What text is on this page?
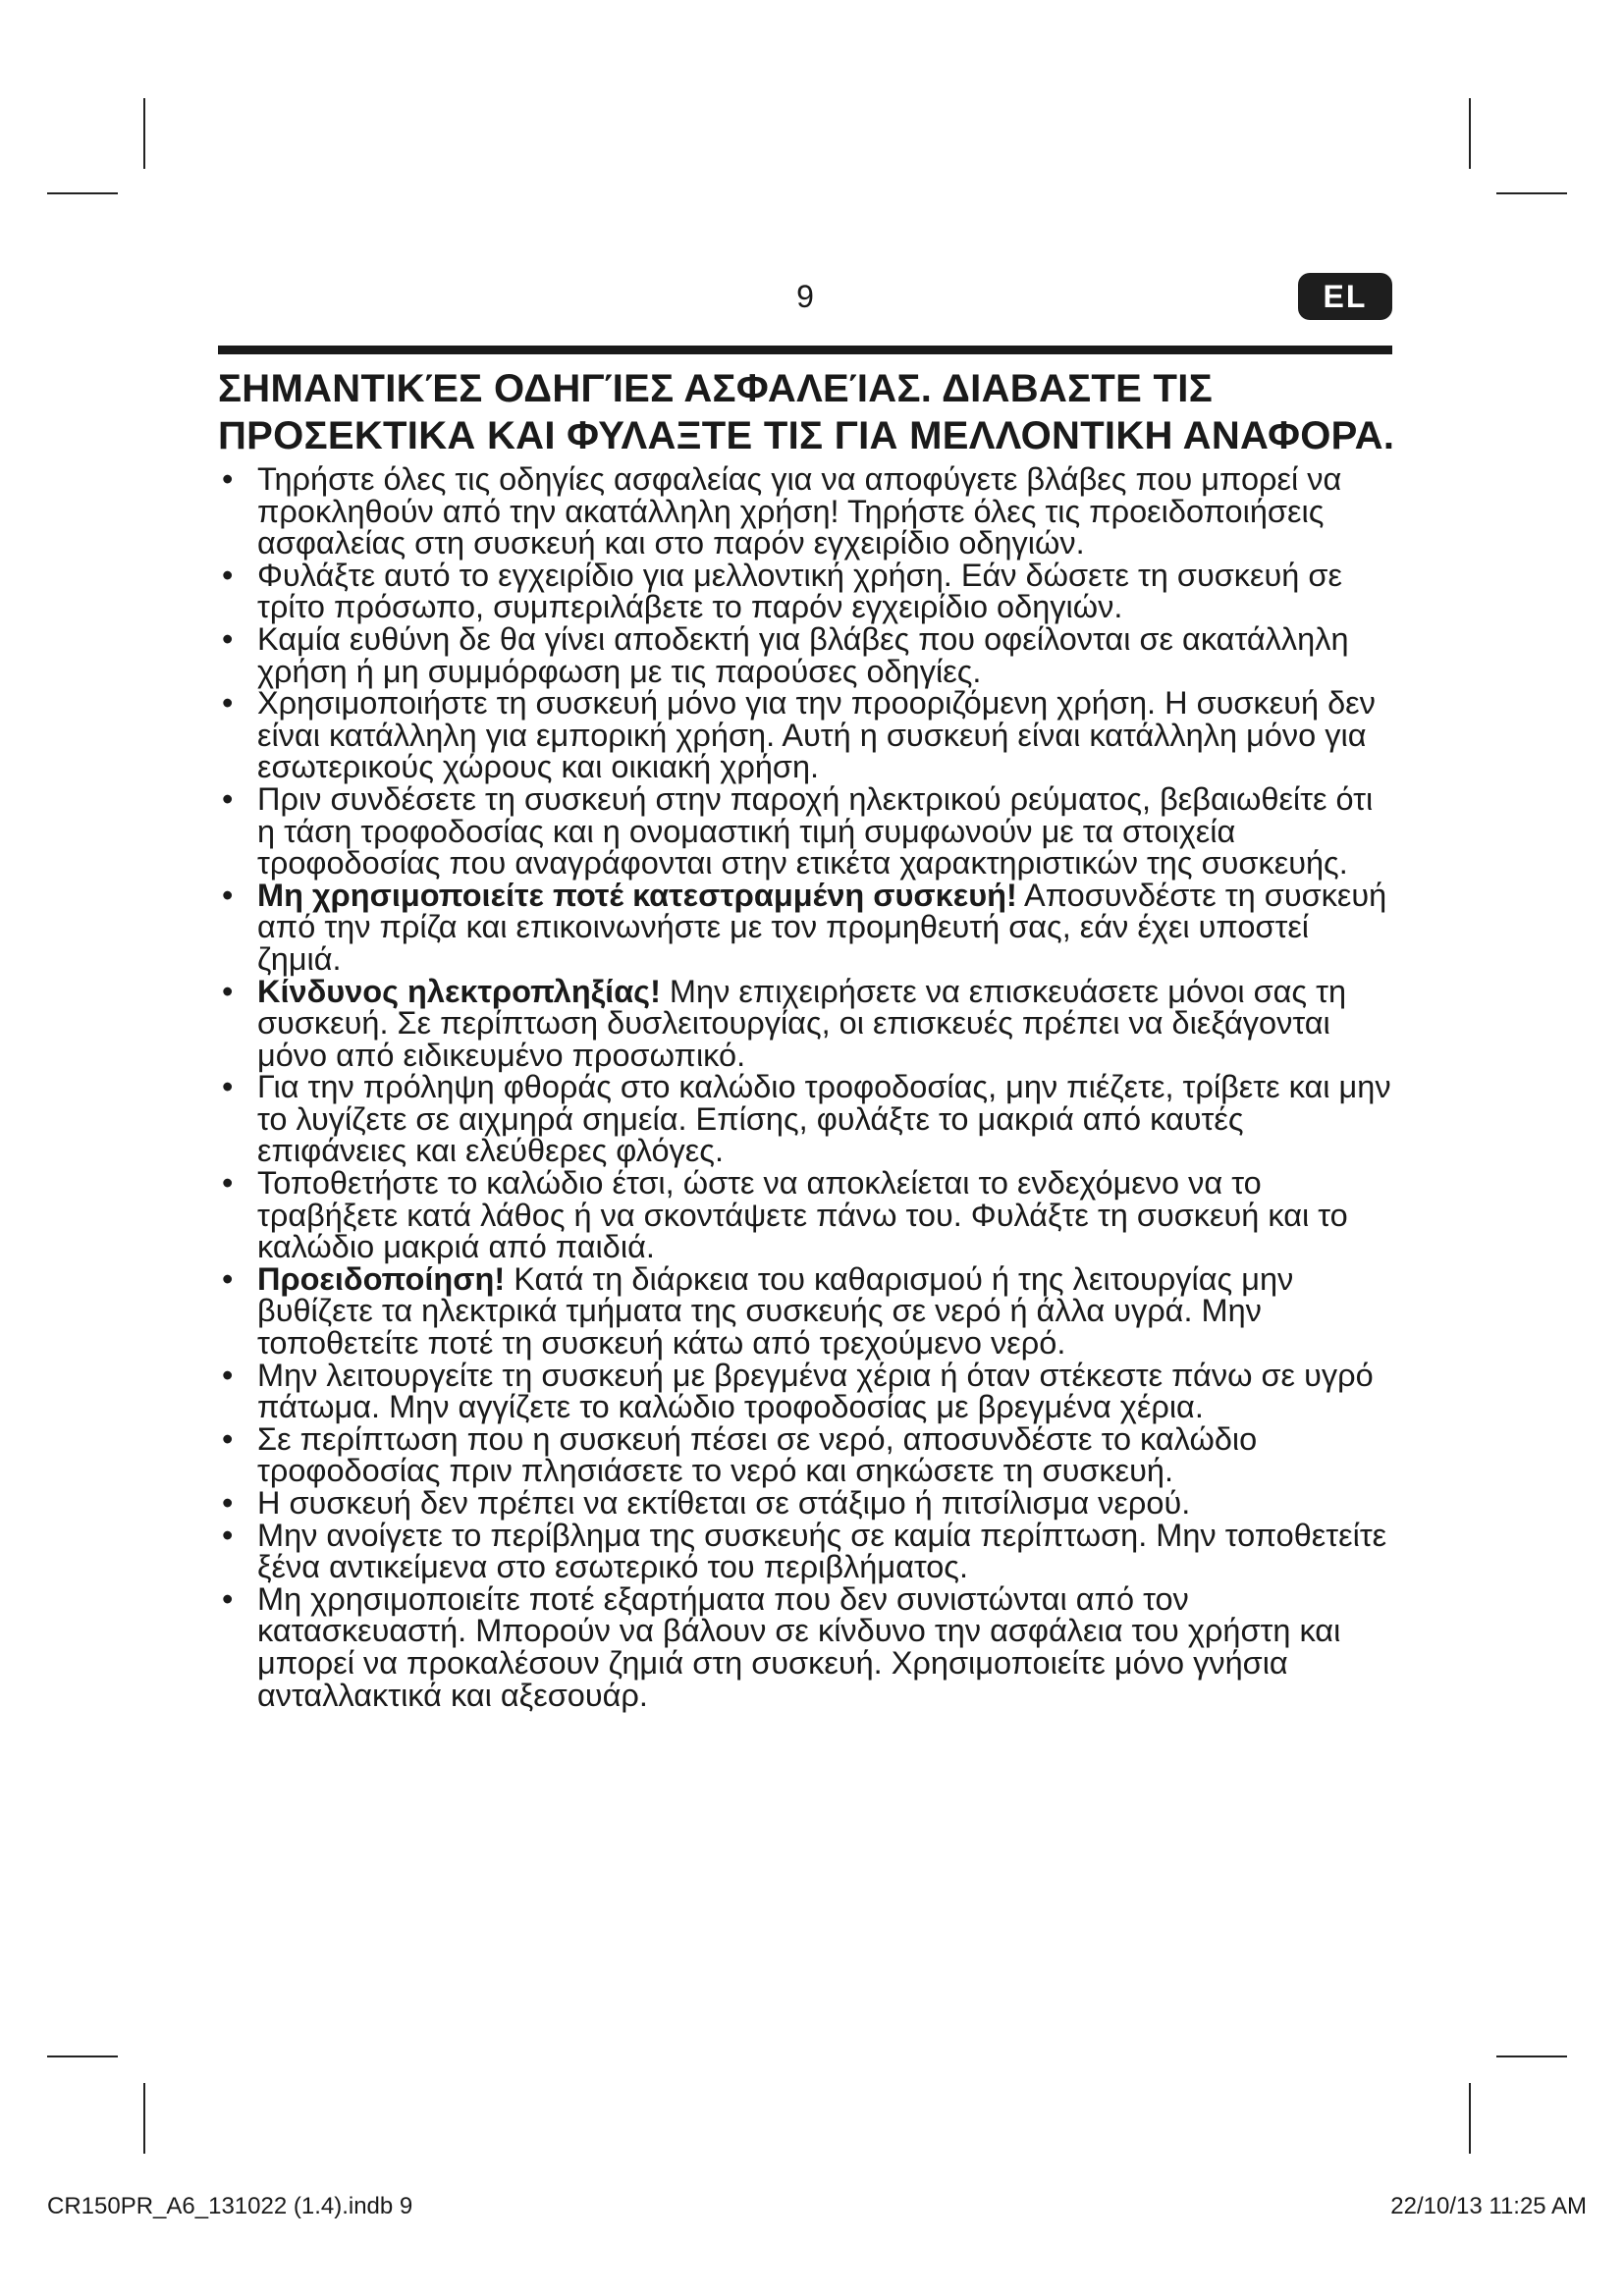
9	EL
ΣΗΜΑΝΤΙΚΈΣ ΟΔΗΓΊΕΣ ΑΣΦΑΛΕΊΑΣ. ΔΙΑΒΑΣΤΕ ΤΙΣ ΠΡΟΣΕΚΤΙΚΑ ΚΑΙ ΦΥΛΑΞΤΕ ΤΙΣ ΓΙΑ ΜΕΛΛΟΝΤΙΚΗ ΑΝΑΦΟΡΑ.
• Τηρήστε όλες τις οδηγίες ασφαλείας για να αποφύγετε βλάβες που μπορεί να προκληθούν από την ακατάλληλη χρήση! Τηρήστε όλες τις προειδοποιήσεις ασφαλείας στη συσκευή και στο παρόν εγχειρίδιο οδηγιών.
• Φυλάξτε αυτό το εγχειρίδιο για μελλοντική χρήση. Εάν δώσετε τη συσκευή σε τρίτο πρόσωπο, συμπεριλάβετε το παρόν εγχειρίδιο οδηγιών.
• Καμία ευθύνη δε θα γίνει αποδεκτή για βλάβες που οφείλονται σε ακατάλληλη χρήση ή μη συμμόρφωση με τις παρούσες οδηγίες.
• Χρησιμοποιήστε τη συσκευή μόνο για την προοριζόμενη χρήση. Η συσκευή δεν είναι κατάλληλη για εμπορική χρήση. Αυτή η συσκευή είναι κατάλληλη μόνο για εσωτερικούς χώρους και οικιακή χρήση.
• Πριν συνδέσετε τη συσκευή στην παροχή ηλεκτρικού ρεύματος, βεβαιωθείτε ότι η τάση τροφοδοσίας και η ονομαστική τιμή συμφωνούν με τα στοιχεία τροφοδοσίας που αναγράφονται στην ετικέτα χαρακτηριστικών της συσκευής.
• Μη χρησιμοποιείτε ποτέ κατεστραμμένη συσκευή! Αποσυνδέστε τη συσκευή από την πρίζα και επικοινωνήστε με τον προμηθευτή σας, εάν έχει υποστεί ζημιά.
• Κίνδυνος ηλεκτροπληξίας! Μην επιχειρήσετε να επισκευάσετε μόνοι σας τη συσκευή. Σε περίπτωση δυσλειτουργίας, οι επισκευές πρέπει να διεξάγονται μόνο από ειδικευμένο προσωπικό.
• Για την πρόληψη φθοράς στο καλώδιο τροφοδοσίας, μην πιέζετε, τρίβετε και μην το λυγίζετε σε αιχμηρά σημεία. Επίσης, φυλάξτε το μακριά από καυτές επιφάνειες και ελεύθερες φλόγες.
• Τοποθετήστε το καλώδιο έτσι, ώστε να αποκλείεται το ενδεχόμενο να το τραβήξετε κατά λάθος ή να σκοντάψετε πάνω του. Φυλάξτε τη συσκευή και το καλώδιο μακριά από παιδιά.
• Προειδοποίηση! Κατά τη διάρκεια του καθαρισμού ή της λειτουργίας μην βυθίζετε τα ηλεκτρικά τμήματα της συσκευής σε νερό ή άλλα υγρά. Μην τοποθετείτε ποτέ τη συσκευή κάτω από τρεχούμενο νερό.
• Μην λειτουργείτε τη συσκευή με βρεγμένα χέρια ή όταν στέκεστε πάνω σε υγρό πάτωμα. Μην αγγίζετε το καλώδιο τροφοδοσίας με βρεγμένα χέρια.
• Σε περίπτωση που η συσκευή πέσει σε νερό, αποσυνδέστε το καλώδιο τροφοδοσίας πριν πλησιάσετε το νερό και σηκώσετε τη συσκευή.
• Η συσκευή δεν πρέπει να εκτίθεται σε στάξιμο ή πιτσίλισμα νερού.
• Μην ανοίγετε το περίβλημα της συσκευής σε καμία περίπτωση. Μην τοποθετείτε ξένα αντικείμενα στο εσωτερικό του περιβλήματος.
• Μη χρησιμοποιείτε ποτέ εξαρτήματα που δεν συνιστώνται από τον κατασκευαστή. Μπορούν να βάλουν σε κίνδυνο την ασφάλεια του χρήστη και μπορεί να προκαλέσουν ζημιά στη συσκευή. Χρησιμοποιείτε μόνο γνήσια ανταλλακτικά και αξεσουάρ.
CR150PR_A6_131022 (1.4).indb 9	22/10/13 11:25 AM
